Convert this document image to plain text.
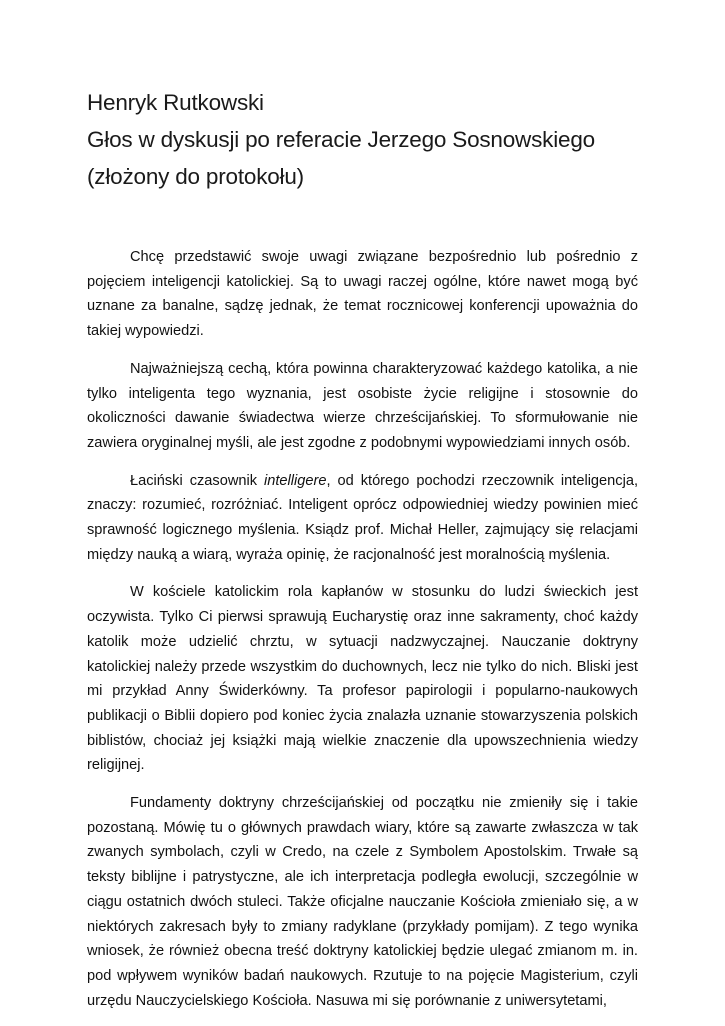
Henryk Rutkowski
Głos w dyskusji po referacie Jerzego Sosnowskiego
(złożony do protokołu)

Chcę przedstawić swoje uwagi związane bezpośrednio lub pośrednio z pojęciem inteligencji katolickiej. Są to uwagi raczej ogólne, które nawet mogą być uznane za banalne, sądzę jednak, że temat rocznicowej konferencji upoważnia do takiej wypowiedzi.

Najważniejszą cechą, która powinna charakteryzować każdego katolika, a nie tylko inteligenta tego wyznania, jest osobiste życie religijne i stosownie do okoliczności dawanie świadectwa wierze chrześcijańskiej. To sformułowanie nie zawiera oryginalnej myśli, ale jest zgodne z podobnymi wypowiedziami innych osób.

Łaciński czasownik intelligere, od którego pochodzi rzeczownik inteligencja, znaczy: rozumieć, rozróżniać. Inteligent oprócz odpowiedniej wiedzy powinien mieć sprawność logicznego myślenia. Ksiądz prof. Michał Heller, zajmujący się relacjami między nauką a wiarą, wyraża opinię, że racjonalność jest moralnością myślenia.

W kościele katolickim rola kapłanów w stosunku do ludzi świeckich jest oczywista. Tylko Ci pierwsi sprawują Eucharystię oraz inne sakramenty, choć każdy katolik może udzielić chrztu, w sytuacji nadzwyczajnej. Nauczanie doktryny katolickiej należy przede wszystkim do duchownych, lecz nie tylko do nich. Bliski jest mi przykład Anny Świderkówny. Ta profesor papirologii i popularno-naukowych publikacji o Biblii dopiero pod koniec życia znalazła uznanie stowarzyszenia polskich biblistów, chociaż jej książki mają wielkie znaczenie dla upowszechnienia wiedzy religijnej.

Fundamenty doktryny chrześcijańskiej od początku nie zmieniły się i takie pozostaną. Mówię tu o głównych prawdach wiary, które są zawarte zwłaszcza w tak zwanych symbolach, czyli w Credo, na czele z Symbolem Apostolskim. Trwałe są teksty biblijne i patrystyczne, ale ich interpretacja podległa ewolucji, szczególnie w ciągu ostatnich dwóch stuleci. Także oficjalne nauczanie Kościoła zmieniało się, a w niektórych zakresach były to zmiany radyklane (przykłady pomijam). Z tego wynika wniosek, że również obecna treść doktryny katolickiej będzie ulegać zmianom m. in. pod wpływem wyników badań naukowych. Rzutuje to na pojęcie Magisterium, czyli urzędu Nauczycielskiego Kościoła. Nasuwa mi się porównanie z uniwersytetami,
